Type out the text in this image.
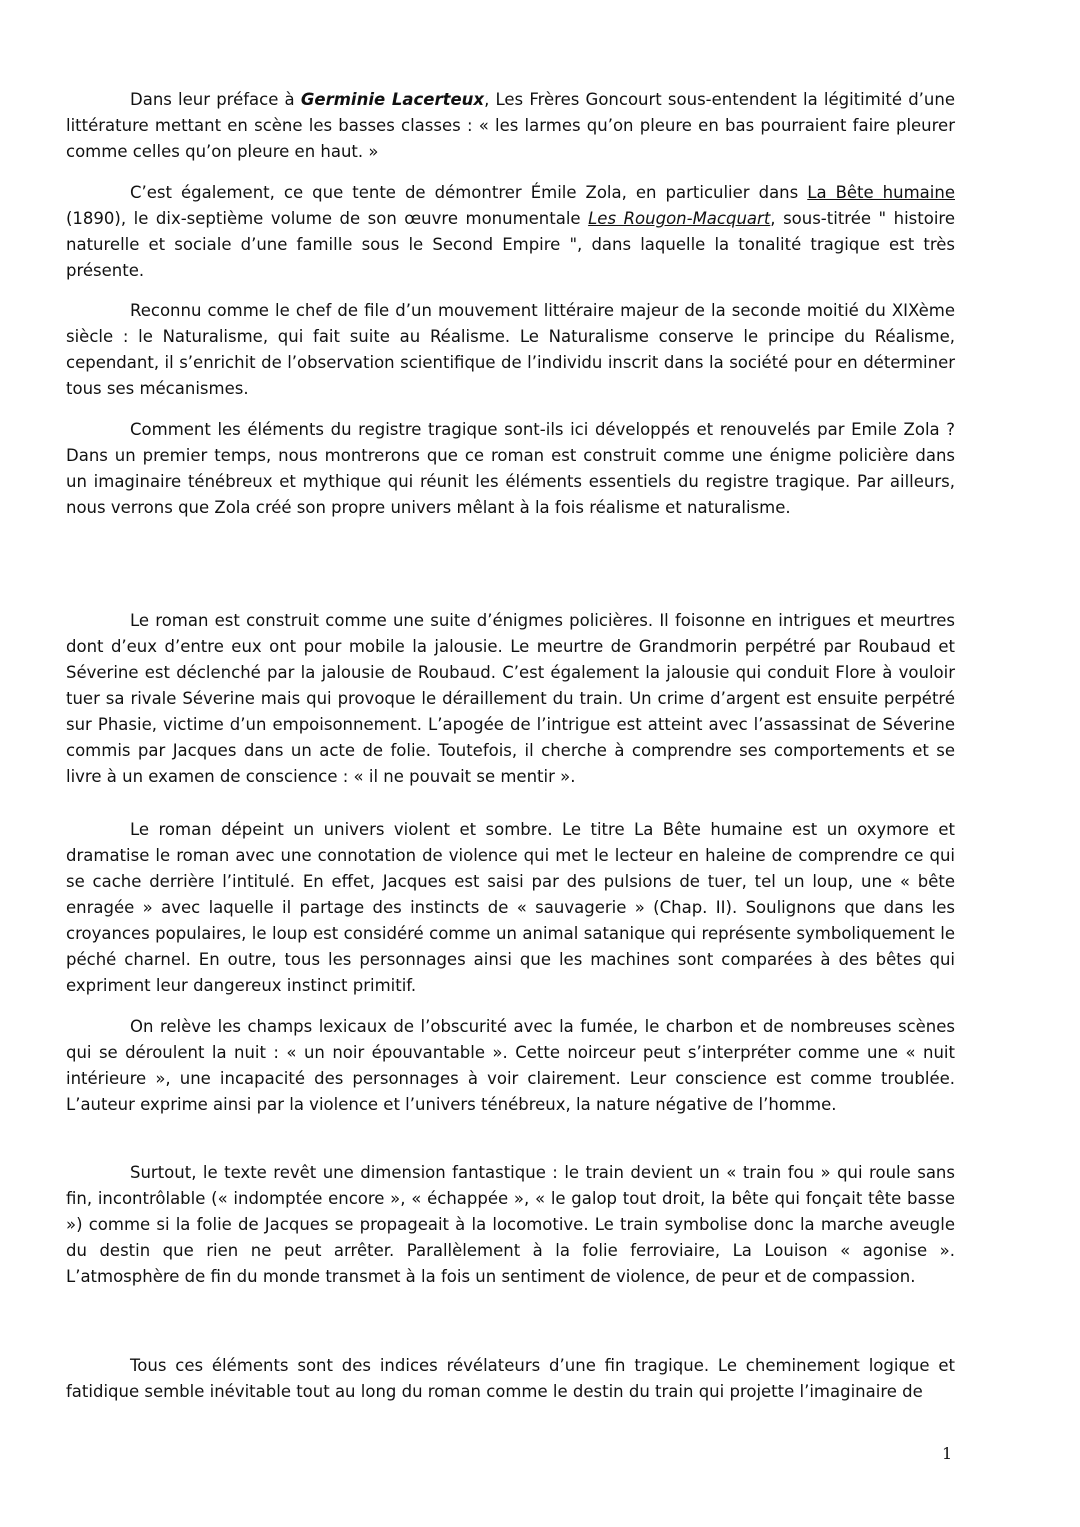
Dans leur préface à Germinie Lacerteux, Les Frères Goncourt sous-entendent la légitimité d’une littérature mettant en scène les basses classes : « les larmes qu’on pleure en bas pourraient faire pleurer comme celles qu’on pleure en haut. »

C’est également, ce que tente de démontrer Émile Zola, en particulier dans La Bête humaine (1890), le dix-septième volume de son œuvre monumentale Les Rougon-Macquart, sous-titrée " histoire naturelle et sociale d’une famille sous le Second Empire ", dans laquelle la tonalité tragique est très présente.

Reconnu comme le chef de file d’un mouvement littéraire majeur de la seconde moitié du XIXème siècle : le Naturalisme, qui fait suite au Réalisme. Le Naturalisme conserve le principe du Réalisme, cependant, il s’enrichit de l’observation scientifique de l’individu inscrit dans la société pour en déterminer tous ses mécanismes.

Comment les éléments du registre tragique sont-ils ici développés et renouvelés par Emile Zola ? Dans un premier temps, nous montrerons que ce roman est construit comme une énigme policière dans un imaginaire ténébreux et mythique qui réunit les éléments essentiels du registre tragique. Par ailleurs, nous verrons que Zola créé son propre univers mêlant à la fois réalisme et naturalisme.

Le roman est construit comme une suite d’énigmes policières. Il foisonne en intrigues et meurtres dont d’eux d’entre eux ont pour mobile la jalousie. Le meurtre de Grandmorin perpétré par Roubaud et Séverine est déclenché par la jalousie de Roubaud. C’est également la jalousie qui conduit Flore à vouloir tuer sa rivale Séverine mais qui provoque le déraillement du train. Un crime d’argent est ensuite perpétré sur Phasie, victime d’un empoisonnement. L’apogée de l’intrigue est atteint avec l’assassinat de Séverine commis par Jacques dans un acte de folie. Toutefois, il cherche à comprendre ses comportements et se livre à un examen de conscience : « il ne pouvait se mentir ».

Le roman dépeint un univers violent et sombre. Le titre La Bête humaine est un oxymore et dramatise le roman avec une connotation de violence qui met le lecteur en haleine de comprendre ce qui se cache derrière l’intitulé. En effet, Jacques est saisi par des pulsions de tuer, tel un loup, une « bête enragée » avec laquelle il partage des instincts de « sauvagerie » (Chap. II). Soulignons que dans les croyances populaires, le loup est considéré comme un animal satanique qui représente symboliquement le péché charnel. En outre, tous les personnages ainsi que les machines sont comparées à des bêtes qui expriment leur dangereux instinct primitif.

On relève les champs lexicaux de l’obscurité avec la fumée, le charbon et de nombreuses scènes qui se déroulent la nuit : « un noir épouvantable ». Cette noirceur peut s’interpréter comme une « nuit intérieure », une incapacité des personnages à voir clairement. Leur conscience est comme troublée. L’auteur exprime ainsi par la violence et l’univers ténébreux, la nature négative de l’homme.

Surtout, le texte revêt une dimension fantastique : le train devient un « train fou » qui roule sans fin, incontrôlable (« indomptée encore », « échappée », « le galop tout droit, la bête qui fonçait tête basse ») comme si la folie de Jacques se propageait à la locomotive. Le train symbolise donc la marche aveugle du destin que rien ne peut arrêter. Parallèlement à la folie ferroviaire, La Louison « agonise ». L’atmosphère de fin du monde transmet à la fois un sentiment de violence, de peur et de compassion.

Tous ces éléments sont des indices révélateurs d’une fin tragique. Le cheminement logique et fatidique semble inévitable tout au long du roman comme le destin du train qui projette l’imaginaire de

1
